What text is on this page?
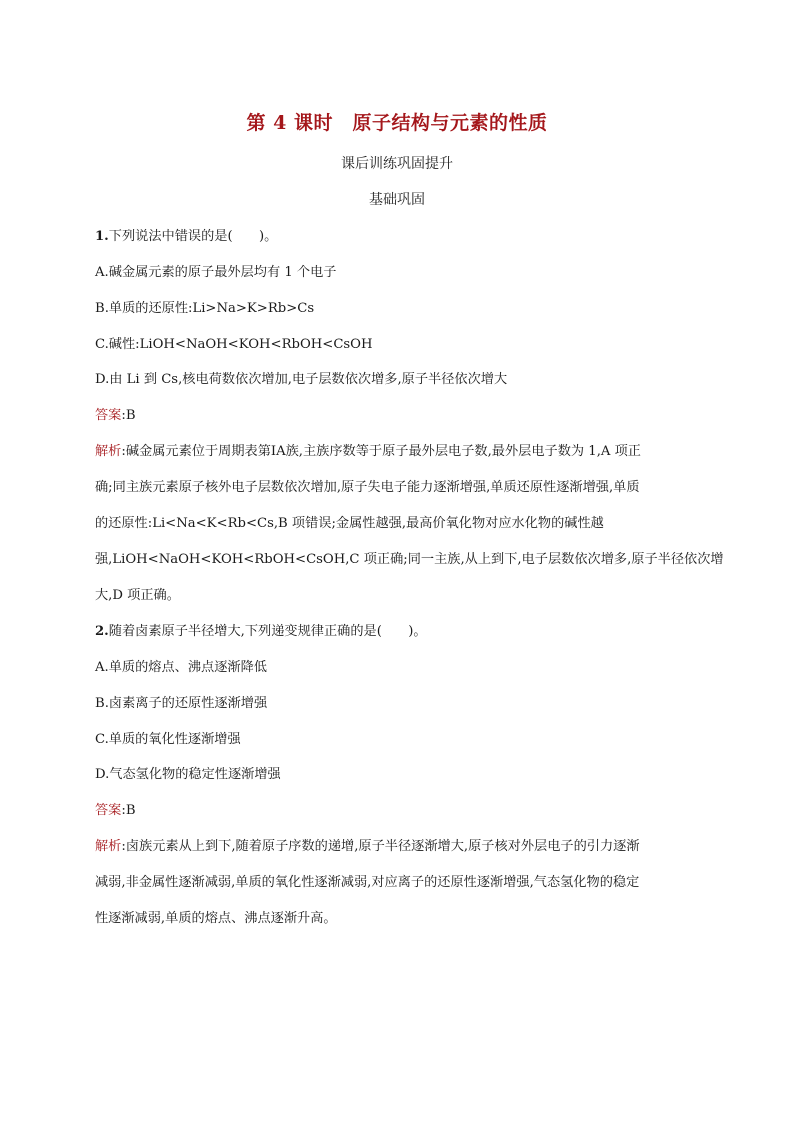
第 4 课时　原子结构与元素的性质
课后训练巩固提升
基础巩固
1.下列说法中错误的是(　　)。
A.碱金属元素的原子最外层均有 1 个电子
B.单质的还原性:Li>Na>K>Rb>Cs
C.碱性:LiOH<NaOH<KOH<RbOH<CsOH
D.由 Li 到 Cs,核电荷数依次增加,电子层数依次增多,原子半径依次增大
答案:B
解析:碱金属元素位于周期表第ⅠA族,主族序数等于原子最外层电子数,最外层电子数为 1,A 项正
确;同主族元素原子核外电子层数依次增加,原子失电子能力逐渐增强,单质还原性逐渐增强,单质
的还原性:Li<Na<K<Rb<Cs,B 项错误;金属性越强,最高价氧化物对应水化物的碱性越
强,LiOH<NaOH<KOH<RbOH<CsOH,C 项正确;同一主族,从上到下,电子层数依次增多,原子半径依次增
大,D 项正确。
2.随着卤素原子半径增大,下列递变规律正确的是(　　)。
A.单质的熔点、沸点逐渐降低
B.卤素离子的还原性逐渐增强
C.单质的氧化性逐渐增强
D.气态氢化物的稳定性逐渐增强
答案:B
解析:卤族元素从上到下,随着原子序数的递增,原子半径逐渐增大,原子核对外层电子的引力逐渐
减弱,非金属性逐渐减弱,单质的氧化性逐渐减弱,对应离子的还原性逐渐增强,气态氢化物的稳定
性逐渐减弱,单质的熔点、沸点逐渐升高。
